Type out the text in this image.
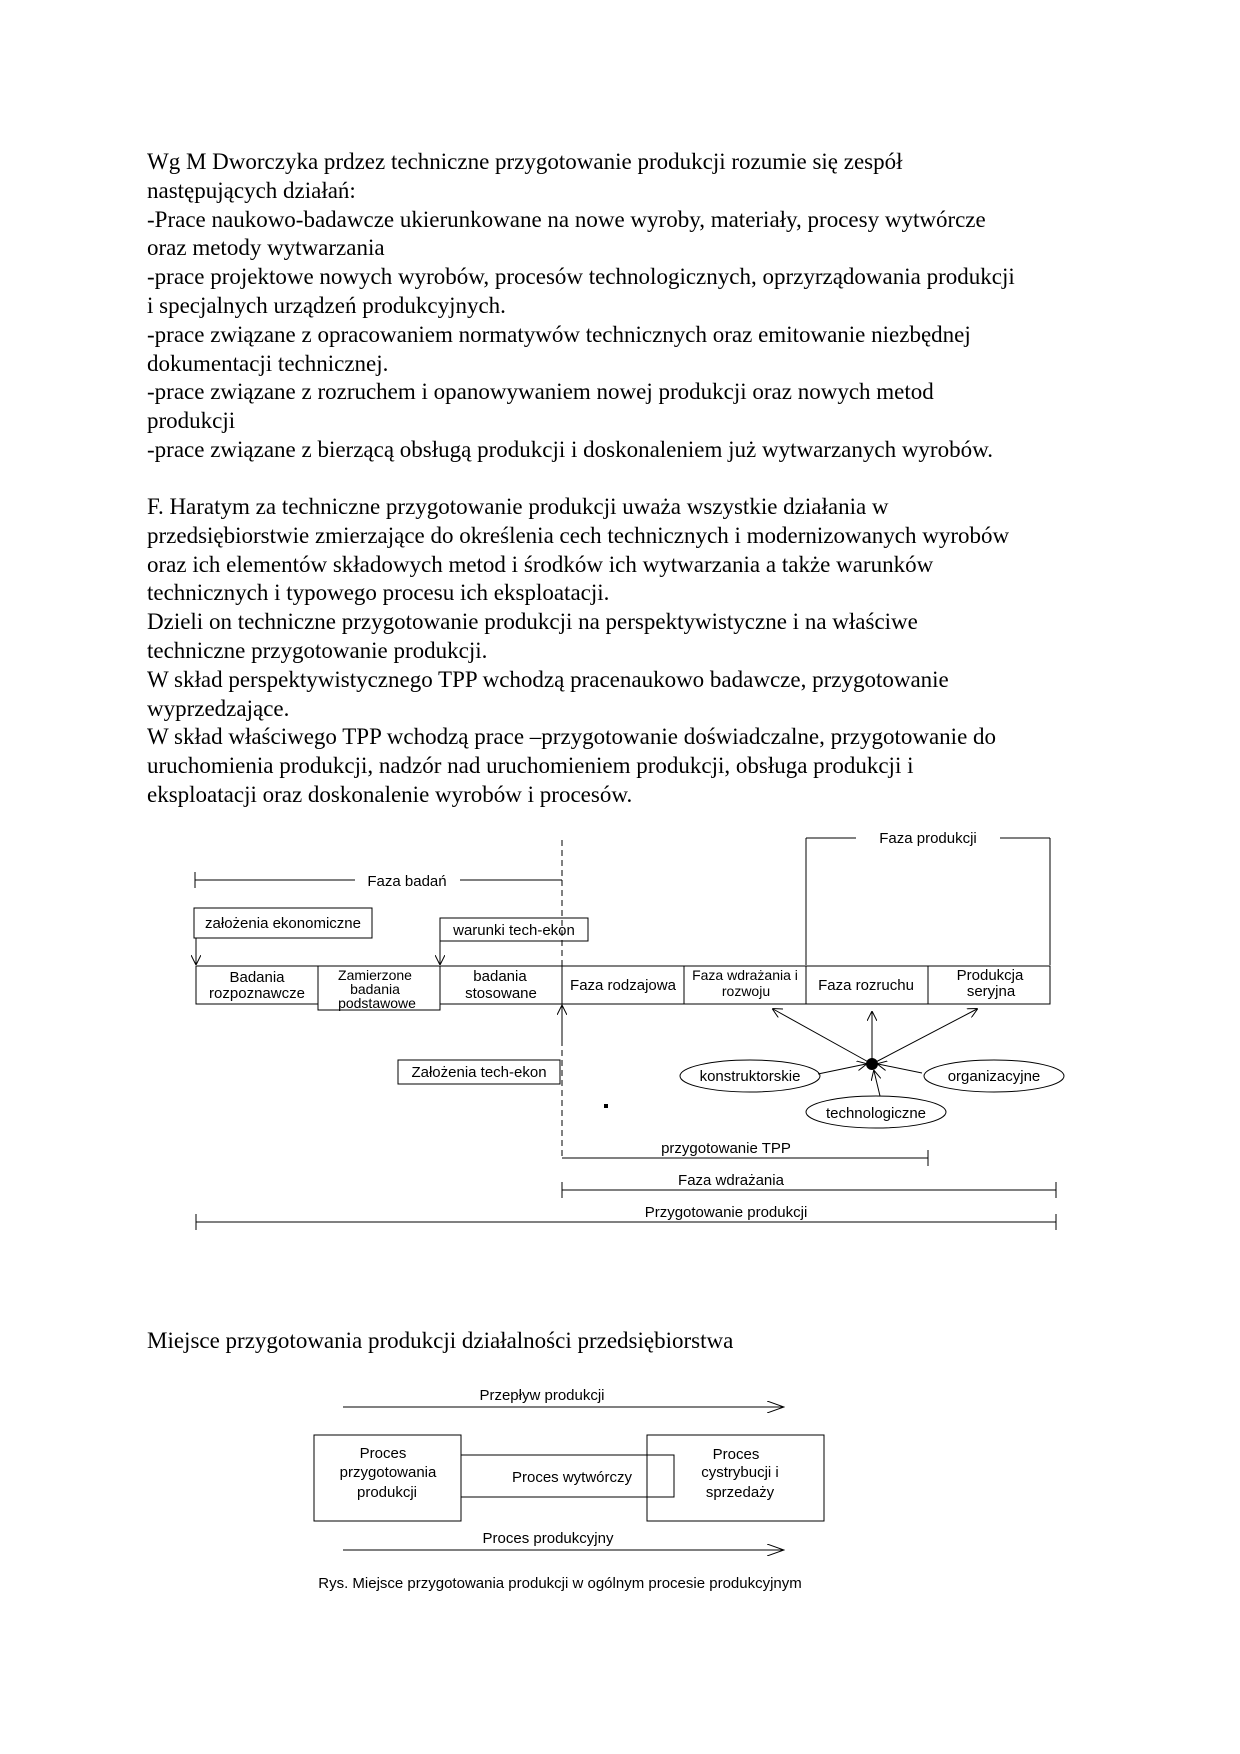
Wg M Dworczyka prdzez techniczne przygotowanie produkcji rozumie się zespół

następujących działań:

-Prace naukowo-badawcze ukierunkowane na nowe wyroby, materiały, procesy wytwórcze

oraz metody wytwarzania

-prace projektowe nowych wyrobów, procesów technologicznych, oprzyrządowania produkcji

i specjalnych urządzeń produkcyjnych.

-prace związane z opracowaniem normatywów technicznych oraz emitowanie niezbędnej

dokumentacji technicznej.

-prace związane z rozruchem i opanowywaniem nowej produkcji oraz nowych metod

produkcji

-prace związane z bierzącą obsługą produkcji i doskonaleniem już wytwarzanych wyrobów.

F. Haratym za techniczne przygotowanie produkcji uważa wszystkie działania w

przedsiębiorstwie zmierzające do określenia cech technicznych i modernizowanych wyrobów

oraz ich elementów składowych metod i środków ich wytwarzania a także warunków

technicznych i typowego procesu ich eksploatacji.

Dzieli on techniczne przygotowanie produkcji na perspektywistyczne i na właściwe

techniczne przygotowanie produkcji.

W skład perspektywistycznego TPP wchodzą pracenaukowo badawcze, przygotowanie

wyprzedzające.

W skład właściwego TPP wchodzą prace –przygotowanie doświadczalne, przygotowanie do

uruchomienia produkcji, nadzór nad uruchomieniem produkcji, obsługa produkcji i

eksploatacji oraz doskonalenie wyrobów i procesów.

Faza produkcji
Faza badań
założenia ekonomiczne	warunki tech-ekon
Badania
rozpoznawcze
Zamierzone
badania
podstawowe
badania
stosowane Faza rodzajowa
Faza wdrażania i
rozwoju	Faza rozruchu
Produkcja
seryjna
Założenia tech-ekon	konstruktorskie	organizacyjne
technologiczne
przygotowanie TPP
Faza wdrażania
Przygotowanie produkcji
Miejsce przygotowania produkcji działalności przedsiębiorstwa
Przepływ produkcji
Proces
przygotowania
produkcji
Proces wytwórczy
Proces
cystrybucji i
sprzedaży
Proces produkcyjny
Rys. Miejsce przygotowania produkcji w ogólnym procesie produkcyjnym
